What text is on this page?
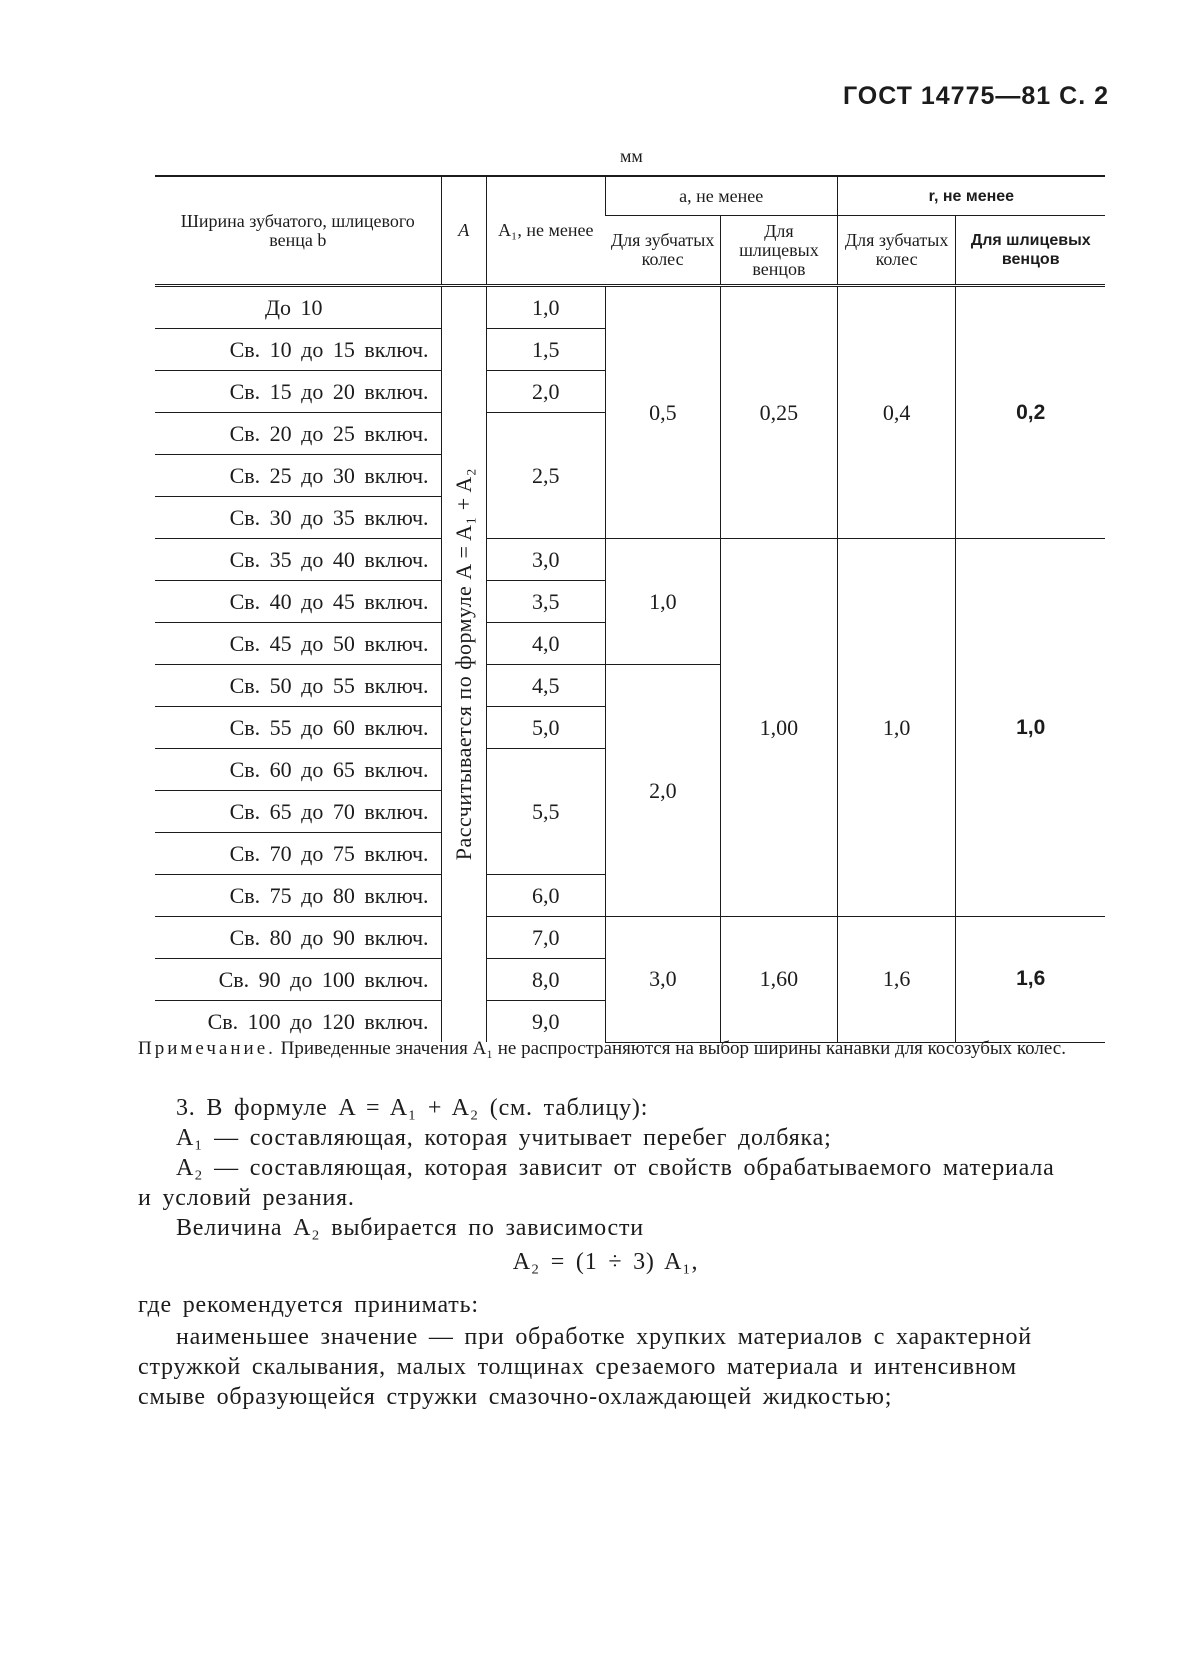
ГОСТ 14775—81 С. 2
мм
Ширина зубчатого, шлицевого венца b	A	A₁, не менее	a, не менее		r, не менее	
			Для зубчатых колес	Для шлицевых венцов	Для зубчатых колес	Для шлицевых венцов
До 10	Рассчитывается по формуле A = A₁ + A₂	1,0	0,5	0,25	0,4	0,2
Св. 10 до 15 включ.		1,5				
Св. 15 до 20 включ.		2,0				
Св. 20 до 25 включ.		2,5				
Св. 25 до 30 включ.						
Св. 30 до 35 включ.						
Св. 35 до 40 включ.		3,0	1,0	1,00	1,0	1,0
Св. 40 до 45 включ.		3,5				
Св. 45 до 50 включ.		4,0				
Св. 50 до 55 включ.		4,5	2,0			
Св. 55 до 60 включ.		5,0				
Св. 60 до 65 включ.		5,5				
Св. 65 до 70 включ.						
Св. 70 до 75 включ.						
Св. 75 до 80 включ.		6,0				
Св. 80 до 90 включ.		7,0	3,0	1,60	1,6	1,6
Св. 90 до 100 включ.		8,0				
Св. 100 до 120 включ.		9,0				
Примечание. Приведенные значения A₁ не распространяются на выбор ширины канавки для косозубых колес.
3. В формуле A = A₁ + A₂ (см. таблицу):
A₁ — составляющая, которая учитывает перебег долбяка;
A₂ — составляющая, которая зависит от свойств обрабатываемого материала и условий резания.
Величина A₂ выбирается по зависимости
A₂ = (1 ÷ 3) A₁,
где рекомендуется принимать:
наименьшее значение — при обработке хрупких материалов с характерной стружкой скалывания, малых толщинах срезаемого материала и интенсивном смыве образующейся стружки смазочно-охлаждающей жидкостью;
